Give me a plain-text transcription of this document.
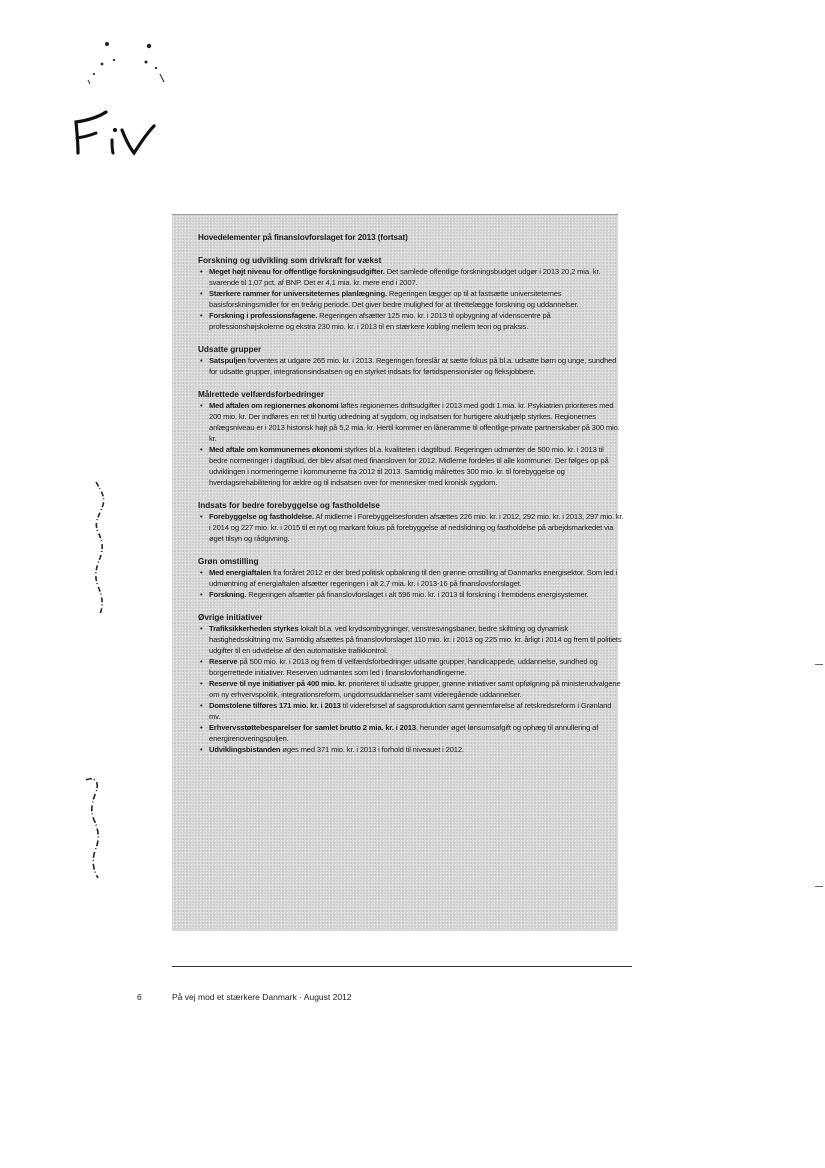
Hovedelementer på finanslovforslaget for 2013 (fortsat)
Forskning og udvikling som drivkraft for vækst
• Meget højt niveau for offentlige forskningsudgifter. Det samlede offentlige forskningsbudget udgør i 2013 20,2 mia. kr. svarende til 1,07 pct. af BNP. Det er 4,1 mia. kr. mere end i 2007.
• Stærkere rammer for universiteternes planlægning. Regeringen lægger op til at fastsætte universiteternes basisforskningsmidler for en treårig periode. Det giver bedre mulighed for at tilrettelægge forskning og uddannelser.
• Forskning i professionsfagene. Regeringen afsætter 125 mio. kr. i 2013 til opbygning af videnscentre på professionshøjskolerne og ekstra 230 mio. kr. i 2013 til en stærkere kobling mellem teori og praksis.
Udsatte grupper
• Satspuljen forventes at udgøre 265 mio. kr. i 2013. Regeringen foreslår at sætte fokus på bl.a. udsatte børn og unge, sundhed for udsatte grupper, integrationsindsatsen og en styrket indsats for førtidspensionister og fleksjobbere.
Målrettede velfærdsforbedringer
• Med aftalen om regionernes økonomi løftes regionernes driftsudgifter i 2013 med godt 1 mia. kr. Psykiatrien prioriteres med 200 mio. kr. Der indføres en ret til hurtig udredning af sygdom, og indsatsen for hurtigere akuthjælp styrkes. Regionernes anlægsniveau er i 2013 historisk højt på 5,2 mia. kr. Hertil kommer en låneramme til offentlige-private partnerskaber på 300 mio. kr.
• Med aftale om kommunernes økonomi styrkes bl.a. kvaliteten i dagtilbud. Regeringen udmønter de 500 mio. kr. i 2013 til bedre normeringer i dagtilbud, der blev afsat med finansloven for 2012. Midlerne fordeles til alle kommuner. Der følges op på udviklingen i normeringerne i kommunerne fra 2012 til 2013. Samtidig målrettes 300 mio. kr. til forebyggelse og hverdagsrehabilitering for ældre og til indsatsen over for mennesker med kronisk sygdom.
Indsats for bedre forebyggelse og fastholdelse
• Forebyggelse og fastholdelse. Af midlerne i Forebyggelsesfonden afsættes 226 mio. kr. i 2012, 292 mio. kr. i 2013, 297 mio. kr. i 2014 og 227 mio. kr. i 2015 til et nyt og markant fokus på forebyggelse af nedslidning og fastholdelse på arbejdsmarkedet via øget tilsyn og rådgivning.
Grøn omstilling
• Med energiaftalen fra foråret 2012 er der bred politisk opbakning til den grønne omstilling af Danmarks energisektor. Som led i udmøntning af energiaftalen afsætter regeringen i alt 2,7 mia. kr. i 2013-16 på finanslovsforslaget.
• Forskning. Regeringen afsætter på finanslovforslaget i alt 596 mio. kr. i 2013 til forskning i fremtidens energisystemer.
Øvrige initiativer
• Trafiksikkerheden styrkes lokalt bl.a. ved krydsombygninger, venstresvingsbaner, bedre skiltning og dynamisk hastighedsskiltning mv. Samtidig afsættes på finanslovforslaget 110 mio. kr. i 2013 og 225 mio. kr. årligt i 2014 og frem til politiets udgifter til en udvidelse af den automatiske trafikkontrol.
• Reserve på 500 mio. kr. i 2013 og frem til velfærdsforbedringer udsatte grupper, handicappede, uddannelse, sundhed og borgerrettede initiativer. Reserven udmøntes som led i finanslovforhandlingerne.
• Reserve til nye initiativer på 400 mio. kr. prioriteret til udsatte grupper, grønne initiativer samt opfølgning på ministerudvalgene om ny erhvervspolitik, integrationsreform, ungdomsuddannelser samt videregående uddannelser.
• Domstolene tilføres 171 mio. kr. i 2013 til viderefsrsel af sagsproduktion samt gennemførelse af retskredsreform i Grønland mv.
• Erhvervsstøttebesparelser for samlet brutto 2 mia. kr. i 2013, herunder øget lønsumsafgift og ophæg til annullering af energirenoveringspuljen.
• Udviklingsbistanden øges med 371 mio. kr. i 2013 i forhold til niveauet i 2012.
6	På vej mod et stærkere Danmark · August 2012
